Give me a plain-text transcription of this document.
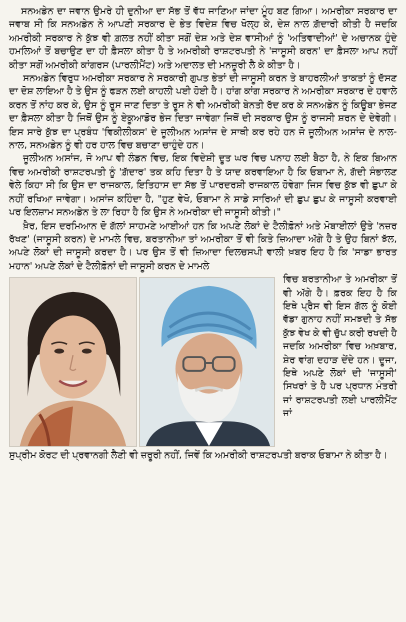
ਸਨਅਡੇਨ ਦਾ ਜਵਾਨ ਉਮਰੇ ਹੀ ਦੁਨੀਆ ਦਾ ਸੱਭ ਤੋਂ ਵੱਧ ਜਾਣਿਆ ਜਾਂਦਾ ਮੂੰਹ ਬਣ ਗਿਆ। ਅਮਰੀਕਾ ਸਰਕਾਰ ਦਾ ਜਵਾਬ ਸੀ ਕਿ ਸਨਅਡੇਨ ਨੇ ਆਪਣੀ ਸਰਕਾਰ ਦੇ ਭੇਤ ਵਿਦੇਸ਼ ਵਿਚ ਖੋਲ੍ਹ ਕੇ, ਦੇਸ਼ ਨਾਲ ਗ਼ੱਦਾਰੀ ਕੀਤੀ ਹੈ ਜਦਕਿ ਅਮਰੀਕੀ ਸਰਕਾਰ ਨੇ ਕੁੱਝ ਵੀ ਗ਼ਲਤ ਨਹੀਂ ਕੀਤਾ ਸਗੋਂ ਦੇਸ਼ ਅਤੇ ਦੇਸ਼ ਵਾਸੀਆਂ ਨੂੰ 'ਅਤਿਵਾਦੀਆਂ' ਦੇ ਅਚਾਨਕ ਹੁੰਦੇ ਹਮਲਿਆਂ ਤੋਂ ਬਚਾਉਣ ਦਾ ਹੀ ਫ਼ੈਸਲਾ ਕੀਤਾ ਹੈ ਤੇ ਅਮਰੀਕੀ ਰਾਸ਼ਟਰਪਤੀ ਨੇ 'ਜਾਸੂਸੀ ਕਰਨ' ਦਾ ਫ਼ੈਸਲਾ ਆਪ ਨਹੀਂ ਕੀਤਾ ਸਗੋਂ ਅਮਰੀਕੀ ਕਾਂਗਰਸ (ਪਾਰਲੀਮੈਂਟ) ਅਤੇ ਅਦਾਲਤ ਦੀ ਮਨਜ਼ੂਰੀ ਲੈ ਕੇ ਕੀਤਾ ਹੈ।

ਸਨਅਡੇਨ ਵਿਰੁਧ ਅਮਰੀਕਾ ਸਰਕਾਰ ਨੇ ਸਰਕਾਰੀ ਗੁਪਤ ਭੇਤਾਂ ਦੀ ਜਾਸੂਸੀ ਕਰਨ ਤੇ ਬਾਹਰਲੀਆਂ ਤਾਕਤਾਂ ਨੂੰ ਦੱਸਣ ਦਾ ਦੋਸ਼ ਲਾਇਆ ਹੈ ਤੇ ਉਸ ਨੂੰ ਫੜਨ ਲਈ ਕਾਹਲੀ ਪਈ ਹੋਈ ਹੈ। ਹਾਂਗ ਕਾਂਗ ਸਰਕਾਰ ਨੇ ਅਮਰੀਕਾ ਸਰਕਾਰ ਦੇ ਹਵਾਲੇ ਕਰਨ ਤੋਂ ਨਾਂਹ ਕਰ ਕੇ, ਉਸ ਨੂੰ ਰੂਸ ਜਾਣ ਦਿਤਾ ਤੇ ਰੂਸ ਨੇ ਵੀ ਅਮਰੀਕੀ ਬੇਨਤੀ ਰੱਦ ਕਰ ਕੇ ਸਨਅਡੇਨ ਨੂੰ ਕਿਊਬਾ ਭੇਜਣ ਦਾ ਫ਼ੈਸਲਾ ਕੀਤਾ ਹੈ ਜਿਥੋਂ ਉਸ ਨੂੰ ਏਕੂਆਡੋਰ ਭੇਜ ਦਿਤਾ ਜਾਵੇਗਾ ਜਿਥੋਂ ਦੀ ਸਰਕਾਰ ਉਸ ਨੂੰ ਰਾਜਸੀ ਸ਼ਰਨ ਦੇ ਦੇਵੇਗੀ। ਇਸ ਸਾਰੇ ਕੁੱਝ ਦਾ ਪ੍ਰਬੰਧ 'ਵਿਕੀਲੀਕਸ' ਦੇ ਜੂਲੀਅਨ ਅਸਾਂਜ ਦੇ ਸਾਥੀ ਕਰ ਰਹੇ ਹਨ ਜੋ ਜੂਲੀਅਨ ਅਸਾਂਜ ਦੇ ਨਾਲ-ਨਾਲ, ਸਨਅਡੇਨ ਨੂੰ ਵੀ ਹਰ ਹਾਲ ਵਿਚ ਬਚਾਣਾ ਚਾਹੁੰਦੇ ਹਨ।

ਜੂਲੀਅਨ ਅਸਾਂਜ, ਜੋ ਆਪ ਵੀ ਲੰਡਨ ਵਿਚ, ਇਕ ਵਿਦੇਸ਼ੀ ਦੂਤ ਘਰ ਵਿਚ ਪਨਾਹ ਲਈ ਬੈਠਾ ਹੈ, ਨੇ ਇਕ ਬਿਆਨ ਵਿਚ ਅਮਰੀਕੀ ਰਾਸ਼ਟਰਪਤੀ ਨੂੰ 'ਗ਼ੱਦਾਰ' ਤਕ ਕਹਿ ਦਿਤਾ ਹੈ ਤੇ ਯਾਦ ਕਰਵਾਇਆ ਹੈ ਕਿ ਓਬਾਮਾ ਨੇ, ਗੱਦੀ ਸੰਭਾਲਣ ਵੇਲੇ ਕਿਹਾ ਸੀ ਕਿ ਉਸ ਦਾ ਰਾਜਕਾਲ, ਇਤਿਹਾਸ ਦਾ ਸੱਭ ਤੋਂ ਪਾਰਦਰਸ਼ੀ ਰਾਜਕਾਲ ਹੋਵੇਗਾ ਜਿਸ ਵਿਚ ਕੁੱਝ ਵੀ ਛੁਪਾ ਕੇ ਨਹੀਂ ਰਖਿਆ ਜਾਵੇਗਾ। ਅਸਾਂਜ ਕਹਿੰਦਾ ਹੈ, "ਹੁਣ ਵੇਖੋ, ਓਬਾਮਾ ਨੇ ਸਾਡੇ ਸਾਰਿਆਂ ਦੀ ਛੁਪ ਛੁਪ ਕੇ ਜਾਸੂਸੀ ਕਰਵਾਈ ਪਰ ਇਲਜ਼ਾਮ ਸਨਅਡੇਨ ਤੇ ਲਾ ਰਿਹਾ ਹੈ ਕਿ ਉਸ ਨੇ ਅਮਰੀਕਾ ਦੀ ਜਾਸੂਸੀ ਕੀਤੀ।"

ਖ਼ੈਰ, ਇਸ ਦਰਮਿਆਨ ਦੋ ਗੱਲਾਂ ਸਾਹਮਣੇ ਆਈਆਂ ਹਨ ਕਿ ਅਪਣੇ ਲੋਕਾਂ ਦੇ ਟੈਲੀਫ਼ੋਨਾਂ ਅਤੇ ਮੋਬਾਈਲਾਂ ਉਤੇ 'ਨਜ਼ਰ ਰੱਖਣ' (ਜਾਸੂਸੀ ਕਰਨ) ਦੇ ਮਾਮਲੇ ਵਿਚ, ਬਰਤਾਨੀਆ ਤਾਂ ਅਮਰੀਕਾ ਤੋਂ ਵੀ ਕਿਤੇ ਜ਼ਿਆਦਾ ਅੱਗੇ ਹੈ ਤੇ ਉਹ ਬਿਨਾਂ ਝੱਲ, ਅਪਣੇ ਲੋਕਾਂ ਦੀ ਜਾਸੂਸੀ ਕਰਦਾ ਹੈ। ਪਰ ਉਸ ਤੋਂ ਵੀ ਜ਼ਿਆਦਾ ਦਿਲਚਸਪੀ ਵਾਲੀ ਖ਼ਬਰ ਇਹ ਹੈ ਕਿ 'ਸਾਡਾ ਭਾਰਤ ਮਹਾਨ' ਅਪਣੇ ਲੋਕਾਂ ਦੇ ਟੈਲੀਫ਼ੋਨਾਂ ਦੀ ਜਾਸੂਸੀ ਕਰਨ ਦੇ ਮਾਮਲੇ

ਵਿਚ ਬਰਤਾਨੀਆ ਤੇ ਅਮਰੀਕਾ ਤੋਂ ਵੀ ਅੱਗੇ ਹੈ। ਫ਼ਰਕ ਇਹ ਹੈ ਕਿ ਇਥੇ ਪ੍ਰੈਸ ਵੀ ਇਸ ਗੱਲ ਨੂੰ ਕੋਈ ਵੱਡਾ ਗੁਨਾਹ ਨਹੀਂ ਸਮਝਦੀ ਤੇ ਸੱਭ ਕੁੱਝ ਵੇਖ ਕੇ ਵੀ ਚੁੱਪ ਕਰੀ ਰਖਦੀ ਹੈ ਜਦਕਿ ਅਮਰੀਕਾ ਵਿਚ ਅਖ਼ਬਾਰ, ਸ਼ੇਰ ਵਾਂਗ ਦਹਾੜ ਦੇਂਦੇ ਹਨ। ਦੂਜਾ, ਇਥੇ ਅਪਣੇ ਲੋਕਾਂ ਦੀ 'ਜਾਸੂਸੀ' ਸਿਖਰਾਂ ਤੇ ਹੈ ਪਰ ਪ੍ਰਧਾਨ ਮੰਤਰੀ ਜਾਂ ਰਾਸ਼ਟਰਪਤੀ ਲਈ ਪਾਰਲੀਮੈਂਟ ਜਾਂ

ਸੁਪ੍ਰੀਮ ਕੋਰਟ ਦੀ ਪ੍ਰਵਾਨਗੀ ਲੈਣੀ ਵੀ ਜ਼ਰੂਰੀ ਨਹੀਂ, ਜਿਵੇਂ ਕਿ ਅਮਰੀਕੀ ਰਾਸ਼ਟਰਪਤੀ ਬਰਾਕ ਓਬਾਮਾ ਨੇ ਕੀਤਾ ਹੈ।
